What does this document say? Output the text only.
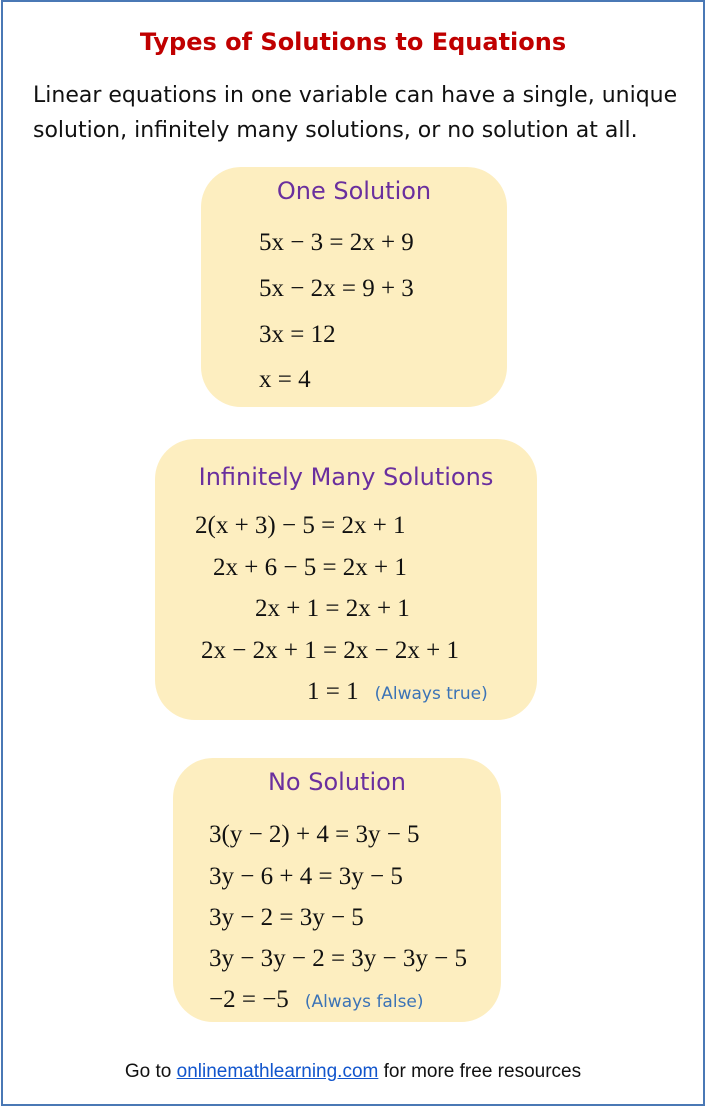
Types of Solutions to Equations
Linear equations in one variable can have a single, unique solution, infinitely many solutions, or no solution at all.
One Solution
5x − 3 = 2x + 9
5x − 2x = 9 + 3
3x = 12
x = 4
Infinitely Many Solutions
2(x + 3) − 5 = 2x + 1
2x + 6 − 5 = 2x + 1
2x + 1 = 2x + 1
2x − 2x + 1 = 2x − 2x + 1
1 = 1 (Always true)
No Solution
3(y − 2) + 4 = 3y − 5
3y − 6 + 4 = 3y − 5
3y − 2 = 3y − 5
3y − 3y − 2 = 3y − 3y − 5
−2 = −5 (Always false)
Go to onlinemathlearning.com for more free resources
